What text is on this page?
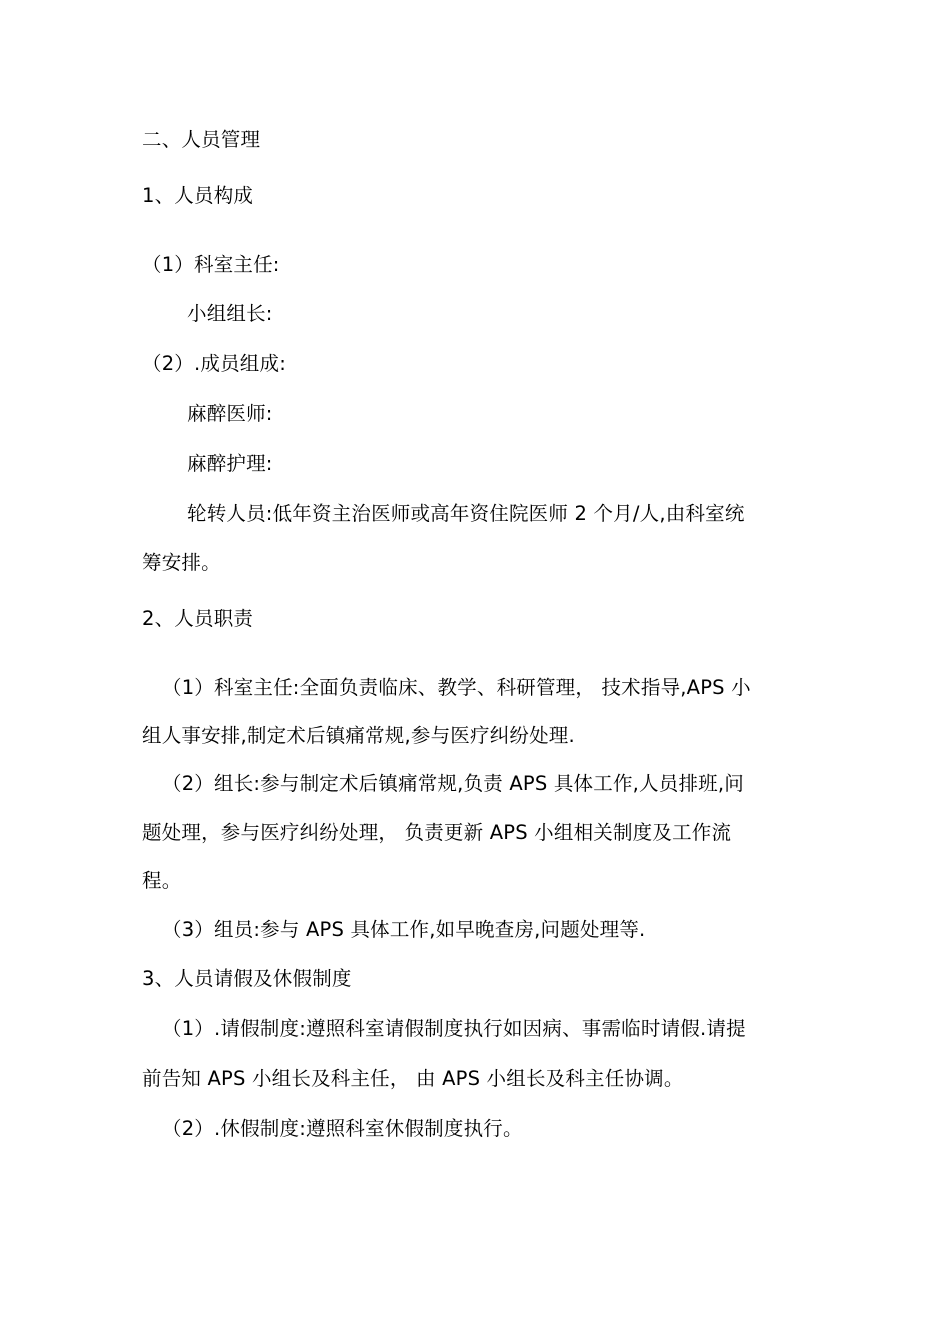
二、人员管理
1、人员构成
（1）科室主任:
小组组长:
（2）.成员组成:
麻醉医师:
麻醉护理:
轮转人员:低年资主治医师或高年资住院医师 2 个月/人,由科室统
筹安排。
2、人员职责
（1）科室主任:全面负责临床、教学、科研管理， 技术指导,APS 小
组人事安排,制定术后镇痛常规,参与医疗纠纷处理.
（2）组长:参与制定术后镇痛常规,负责 APS 具体工作,人员排班,问
题处理，参与医疗纠纷处理， 负责更新 APS 小组相关制度及工作流
程。
（3）组员:参与 APS 具体工作,如早晚查房,问题处理等.
3、人员请假及休假制度
（1）.请假制度:遵照科室请假制度执行如因病、事需临时请假.请提
前告知 APS 小组长及科主任， 由 APS 小组长及科主任协调。
（2）.休假制度:遵照科室休假制度执行。
